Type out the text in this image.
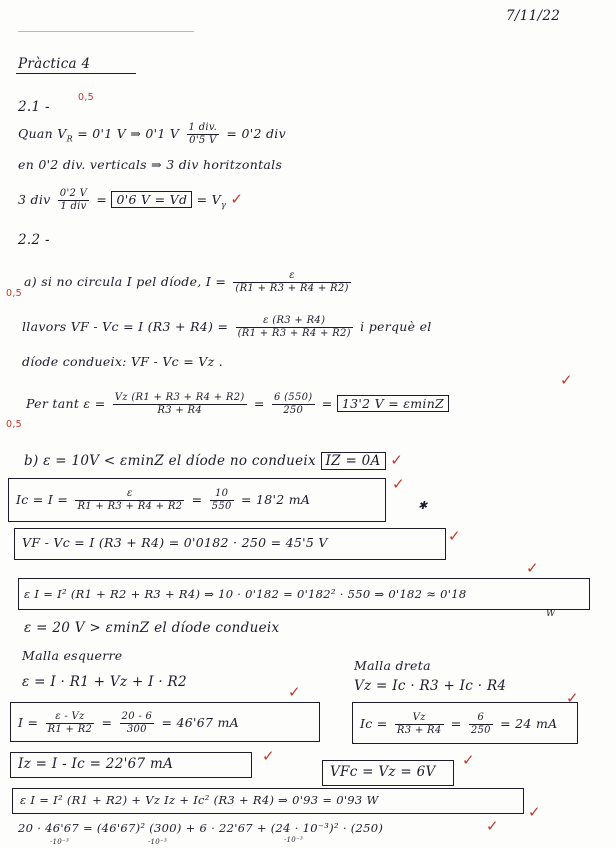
7/11/22
Pràctica 4
2.1 -
0,5
Quan $V_R = 0'1$ V ⇒ 0'1 V $\frac{\text{1 div.}}{0'5 V} = 0'2$ div
en 0'2 div. verticals ⇒ 3 div horitzontals
3 div $\frac{0'2 V}{\text{1 div}} = 0'6$ $V = Vd = V_\gamma$ ✓
2.2 -
0,5
a) si no circula I pel díode, $I = \frac{\varepsilon}{(R1 + R3 + R4 + R2)}$
llavors VF - Vc = I $(R3 + R4) = \frac{\varepsilon (R3 + R4)}{(R1 + R3 + R4 + R2)}$ i perquè el
díode condueix: VF - Vc = Vz .
Per tant $\varepsilon = \frac{Vz (R1 + R3 + R4 + R2)}{R3 + R4} = \frac{6 (550)}{250} = 13'2$ V = εminZ
✓
0,5
b) ε = 10V < εminZ el díode no condueix IZ = 0A ✓
$Ic = I = \frac{\varepsilon}{R1 + R3 + R4 + R2} = \frac{10}{550} = 18'2$ mA
✓
✱
VF - Vc = I (R3 + R4) = 0'0182 · 250 = 45'5 V	✓
✓
ε I = I² (R1 + R2 + R3 + R4) ⇒ 10 · 0'182 = 0'182² · 550 ⇒ 0'182 ≈ 0'18
W
ε = 20 V > εminZ el díode condueix
Malla esquerre
Malla dreta
ε = I · R1 + Vz + I · R2	Vz = Ic · R3 + Ic · R4
✓	✓
$I = \frac{\varepsilon - Vz}{R1 + R2} = \frac{20 - 6}{300} = 46'67$ mA	$Ic = \frac{Vz}{R3 + R4} = \frac{6}{250} = 24$ mA
Iz = I - Ic = 22'67 mA	✓
VFc = Vz = 6V
✓
ε I = I² (R1 + R2) + Vz Iz + Ic² (R3 + R4) ⇒ 0'93 = 0'93 W
✓
20 · 46'67 = (46'67)² (300) + 6 · 22'67 + (24 · 10⁻³)² · (250)
·10⁻³	·10⁻³	·10⁻³
✓
